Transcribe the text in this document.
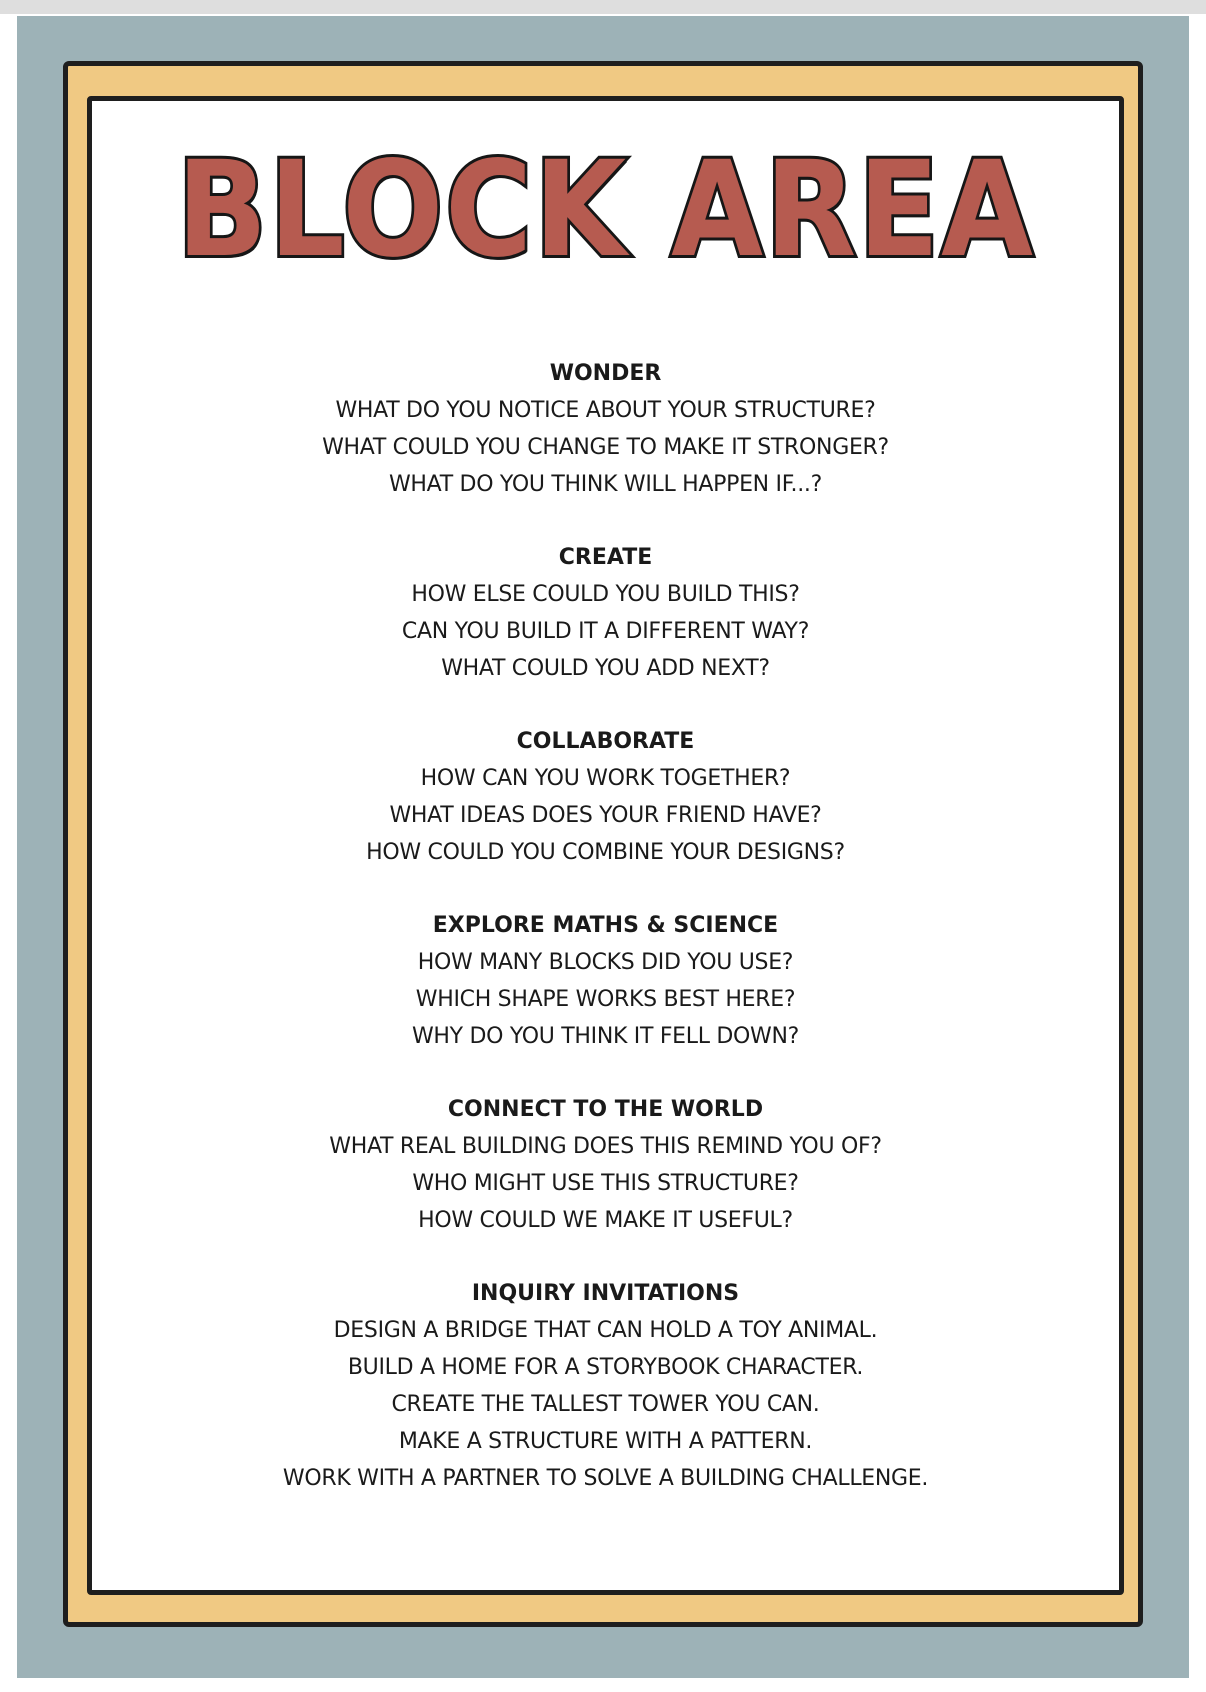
BLOCK AREA
WONDER
WHAT DO YOU NOTICE ABOUT YOUR STRUCTURE?
WHAT COULD YOU CHANGE TO MAKE IT STRONGER?
WHAT DO YOU THINK WILL HAPPEN IF...?
CREATE
HOW ELSE COULD YOU BUILD THIS?
CAN YOU BUILD IT A DIFFERENT WAY?
WHAT COULD YOU ADD NEXT?
COLLABORATE
HOW CAN YOU WORK TOGETHER?
WHAT IDEAS DOES YOUR FRIEND HAVE?
HOW COULD YOU COMBINE YOUR DESIGNS?
EXPLORE MATHS & SCIENCE
HOW MANY BLOCKS DID YOU USE?
WHICH SHAPE WORKS BEST HERE?
WHY DO YOU THINK IT FELL DOWN?
CONNECT TO THE WORLD
WHAT REAL BUILDING DOES THIS REMIND YOU OF?
WHO MIGHT USE THIS STRUCTURE?
HOW COULD WE MAKE IT USEFUL?
INQUIRY INVITATIONS
DESIGN A BRIDGE THAT CAN HOLD A TOY ANIMAL.
BUILD A HOME FOR A STORYBOOK CHARACTER.
CREATE THE TALLEST TOWER YOU CAN.
MAKE A STRUCTURE WITH A PATTERN.
WORK WITH A PARTNER TO SOLVE A BUILDING CHALLENGE.
